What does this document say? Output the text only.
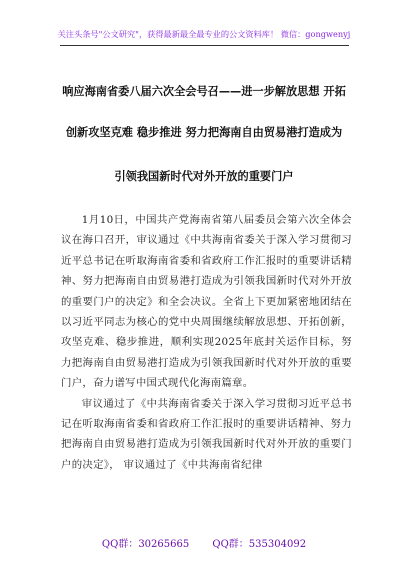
关注头条号"公文研究"，获得最新最全最专业的公文资料库！ 微信：gongwenyj
响应海南省委八届六次全会号召——进一步解放思想 开拓
创新攻坚克难 稳步推进 努力把海南自由贸易港打造成为
引领我国新时代对外开放的重要门户

1月10日，中国共产党海南省第八届委员会第六次全体会议在海口召开，审议通过《中共海南省委关于深入学习贯彻习近平总书记在听取海南省委和省政府工作汇报时的重要讲话精神、努力把海南自由贸易港打造成为引领我国新时代对外开放的重要门户的决定》和全会决议。全省上下更加紧密地团结在以习近平同志为核心的党中央周围继续解放思想、开拓创新，攻坚克难、稳步推进，顺利实现2025年底封关运作目标，努力把海南自由贸易港打造成为引领我国新时代对外开放的重要门户，奋力谱写中国式现代化海南篇章。

审议通过了《中共海南省委关于深入学习贯彻习近平总书记在听取海南省委和省政府工作汇报时的重要讲话精神、努力把海南自由贸易港打造成为引领我国新时代对外开放的重要门户的决定》， 审议通过了《中共海南省纪律

QQ群：30265665 QQ群：535304092
